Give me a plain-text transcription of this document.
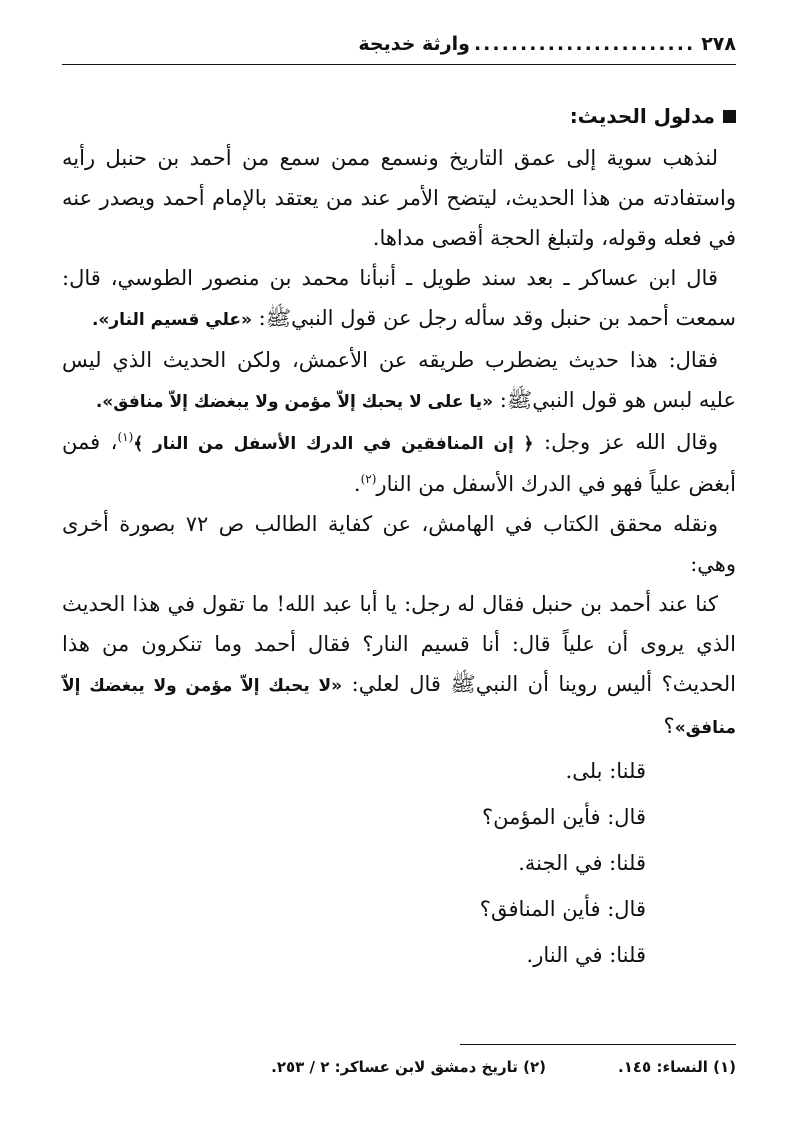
٢٧٨
........................
وارثة خديجة
مدلول الحديث:

لنذهب سوية إلى عمق التاريخ ونسمع ممن سمع من أحمد بن حنبل رأيه واستفادته من هذا الحديث، ليتضح الأمر عند من يعتقد بالإمام أحمد ويصدر عنه في فعله وقوله، ولتبلغ الحجة أقصى مداها.

قال ابن عساكر ـ بعد سند طويل ـ أنبأنا محمد بن منصور الطوسي، قال: سمعت أحمد بن حنبل وقد سأله رجل عن قول النبيﷺ: «علي قسيم النار».

فقال: هذا حديث يضطرب طريقه عن الأعمش، ولكن الحديث الذي ليس عليه لبس هو قول النبيﷺ: «يا على لا يحبك إلاّ مؤمن ولا يبغضك إلاّ منافق».

وقال الله عز وجل: ﴿ إن المنافقين في الدرك الأسفل من النار ﴾$^{(١)}$، فمن أبغض علياً فهو في الدرك الأسفل من النار$^{(٢)}$.

ونقله محقق الكتاب في الهامش، عن كفاية الطالب ص ٧٢ بصورة أخرى وهي:

كنا عند أحمد بن حنبل فقال له رجل: يا أبا عبد الله! ما تقول في هذا الحديث الذي يروى أن علياً قال: أنا قسيم النار؟ فقال أحمد وما تنكرون من هذا الحديث؟ أليس روينا أن النبيﷺ قال لعلي: «لا يحبك إلاّ مؤمن ولا يبغضك إلاّ منافق»؟

قلنا: بلى.
قال: فأين المؤمن؟
قلنا: في الجنة.
قال: فأين المنافق؟
قلنا: في النار.
(١) النساء: ١٤٥.
(٢) تاريخ دمشق لابن عساكر: ٢ / ٢٥٣.
